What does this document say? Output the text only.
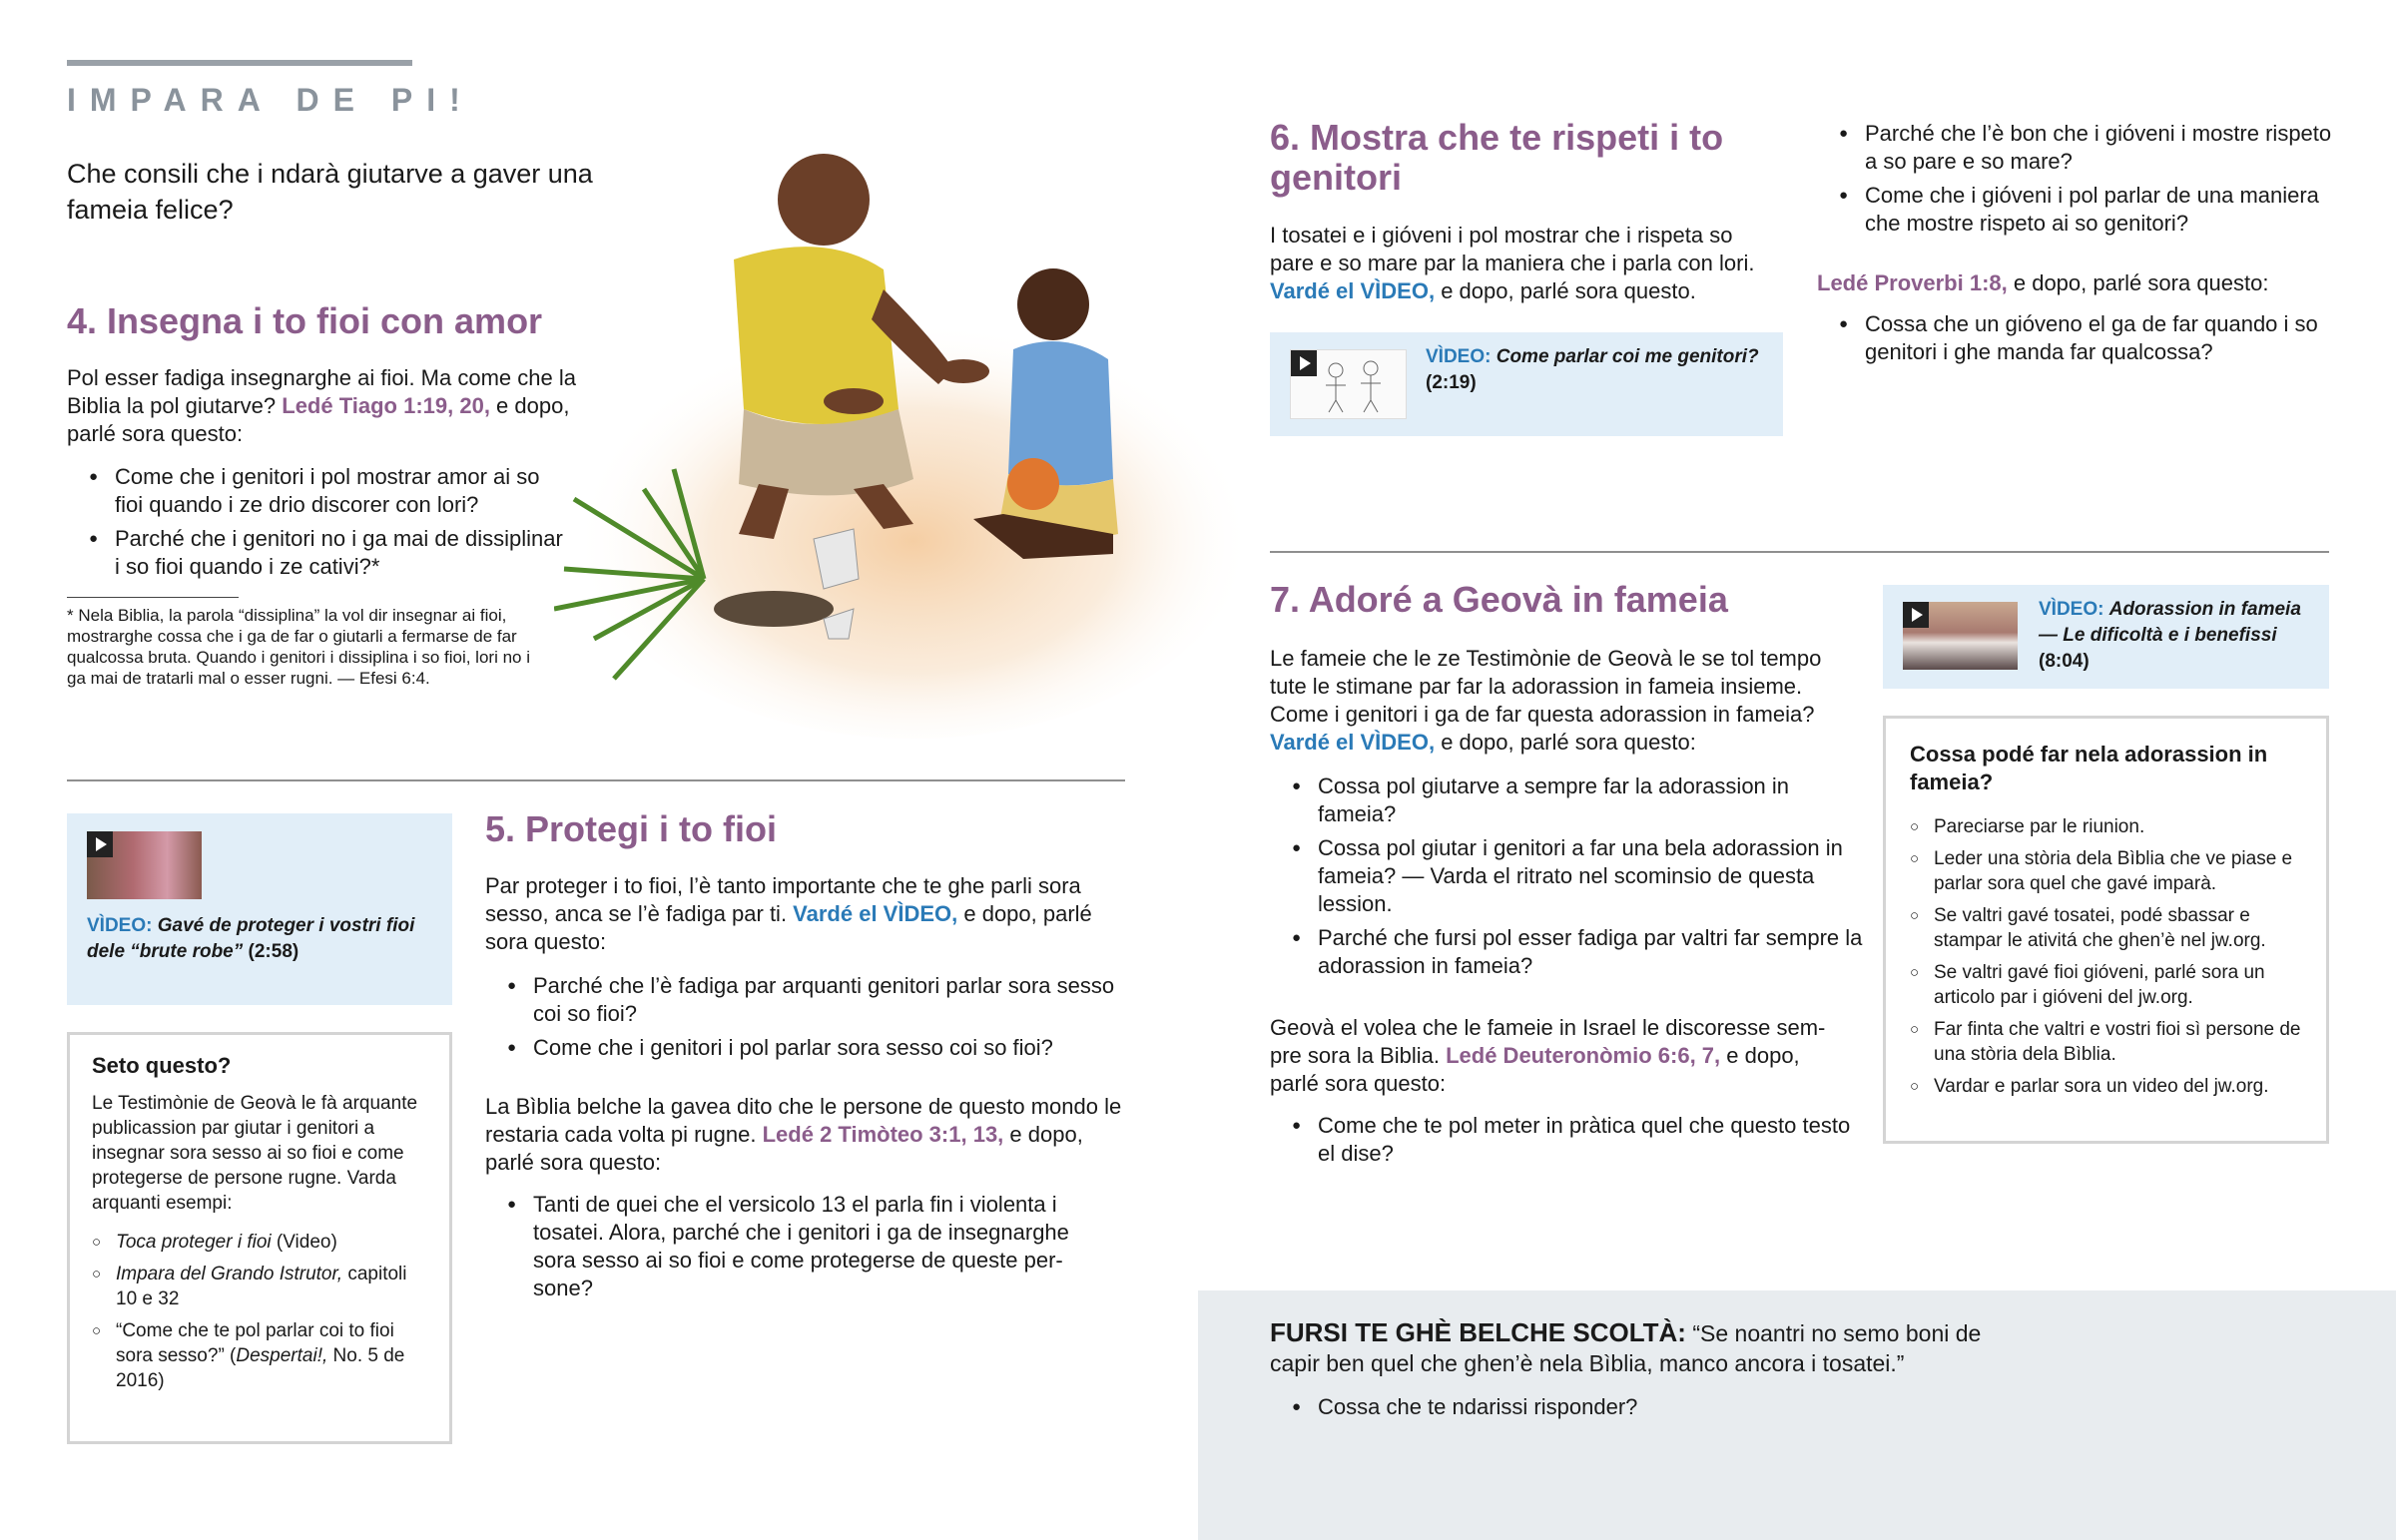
IMPARA DE PI!
Che consili che i ndarà giutarve a gaver una fameia felice?
4. Insegna i to fioi con amor

Pol esser fadiga insegnarghe ai fioi. Ma come che la Biblia la pol giutarve? Ledé Tiago 1:19, 20, e dopo, parlé sora questo:

● Come che i genitori i pol mostrar amor ai so fioi quando i ze drio discorer con lori?
● Parché che i genitori no i ga mai de dissiplinar i so fioi quando i ze cativi?*

* Nela Biblia, la parola “dissiplina” la vol dir insegnar ai fioi, mostrarghe cossa che i ga de far o giutarli a fermarse de far qualcossa bruta. Quando i genitori i dissiplina i so fioi, lori no i ga mai de tratarli mal o esser rugni. — Efesi 6:4.

VÌDEO: Gavé de proteger i vostri fioi dele “brute robe” (2:58)
Seto questo?

Le Testimònie de Geovà le fà arquante publicassion par giutar i genitori a insegnar sora sesso ai so fioi e come protegerse de persone rugne. Varda arquanti esempi:

○ Toca proteger i fioi (Video)
○ Impara del Grando Istrutor, capitoli 10 e 32
○ “Come che te pol parlar coi to fioi sora sesso?” (Despertai!, No. 5 de 2016)
5. Protegi i to fioi

Par proteger i to fioi, l’è tanto importante che te ghe parli sora sesso, anca se l’è fadiga par ti. Vardé el VÌDEO, e dopo, parlé sora questo:

● Parché che l’è fadiga par arquanti genitori parlar sora sesso coi so fioi?
● Come che i genitori i pol parlar sora sesso coi so fioi?

La Bìblia belche la gavea dito che le persone de questo mondo le restaria cada volta pi rugne. Ledé 2 Timòteo 3:1, 13, e dopo, parlé sora questo:

● Tanti de quei che el versicolo 13 el parla fin i violenta i tosatei. Alora, parché che i genitori i ga de insegnarghe sora sesso ai so fioi e come protegerse de queste persone?
6. Mostra che te rispeti i to genitori

I tosatei e i gióveni i pol mostrar che i rispeta so pare e so mare par la maniera che i parla con lori. Vardé el VÌDEO, e dopo, parlé sora questo.

VÌDEO: Come parlar coi me genitori?
(2:19)
● Parché che l’è bon che i gióveni i mostre rispeto a so pare e so mare?
● Come che i gióveni i pol parlar de una maniera che mostre rispeto ai so genitori?

Ledé Proverbi 1:8, e dopo, parlé sora questo:

● Cossa che un gióveno el ga de far quando i so genitori i ghe manda far qualcossa?
7. Adoré a Geovà in fameia

Le fameie che le ze Testimònie de Geovà le se tol tempo tute le stimane par far la adorassion in fameia insieme. Come i genitori i ga de far questa adorassion in fameia? Vardé el VÌDEO, e dopo, parlé sora questo:

● Cossa pol giutarve a sempre far la adorassion in fameia?
● Cossa pol giutar i genitori a far una bela adorassion in fameia? — Varda el ritrato nel scominsio de questa lession.
● Parché che fursi pol esser fadiga par valtri far sempre la adorassion in fameia?

Geovà el volea che le fameie in Israel le discoresse sempre sora la Biblia. Ledé Deuteronòmio 6:6, 7, e dopo, parlé sora questo:

● Come che te pol meter in pràtica quel che questo testo el dise?
VÌDEO: Adorassion in fameia — Le dificoltà e i benefissi (8:04)
Cossa podé far nela adorassion in fameia?
○ Pareciarse par le riunion.
○ Leder una stòria dela Bìblia che ve piase e parlar sora quel che gavé imparà.
○ Se valtri gavé tosatei, podé sbassar e stampar le ativitá che ghen’è nel jw.org.
○ Se valtri gavé fioi gióveni, parlé sora un articolo par i gióveni del jw.org.
○ Far finta che valtri e vostri fioi sì persone de una stòria dela Bìblia.
○ Vardar e parlar sora un video del jw.org.

FURSI TE GHÈ BELCHE SCOLTÀ: “Se noantri no semo boni de capir ben quel che ghen’è nela Bìblia, manco ancora i tosatei.”

● Cossa che te ndarissi risponder?
